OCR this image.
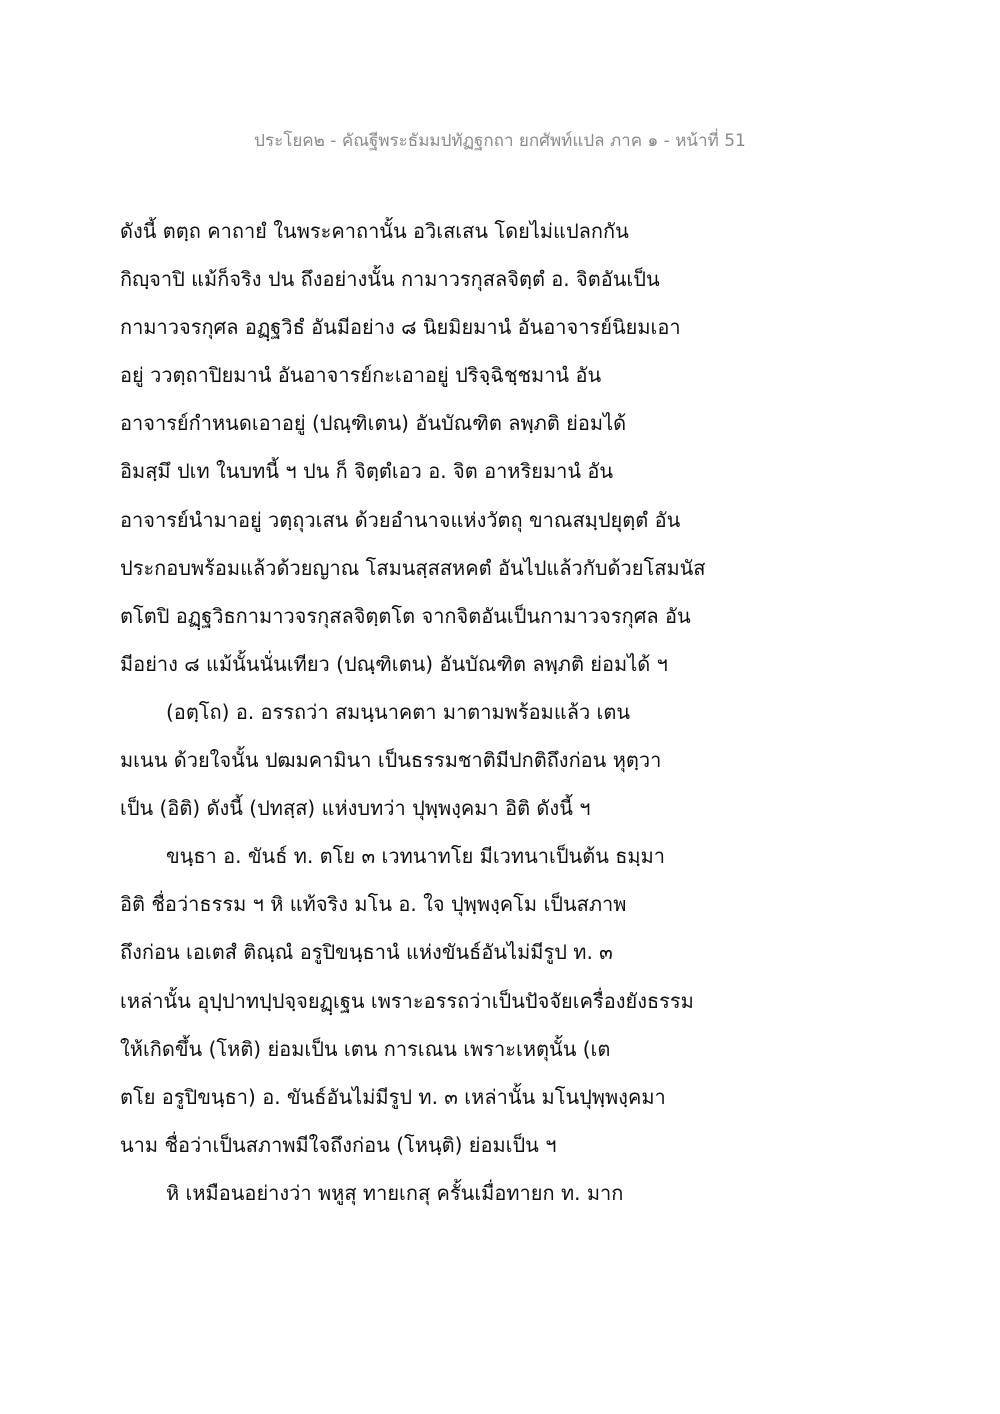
ประโยค๒ - คัณฐีพระธัมมปทัฏฐกถา ยกศัพท์แปล ภาค ๑ - หน้าที่ 51
ดังนี้ ตตฺถ คาถายํ ในพระคาถานั้น อวิเสเสน โดยไม่แปลกกัน
กิญฺจาปิ แม้ก็จริง ปน ถึงอย่างนั้น กามาวรกุสลจิตฺตํ อ. จิตอันเป็น
กามาวจรกุศล อฏฺฐวิธํ อันมีอย่าง ๘ นิยมิยมานํ อันอาจารย์นิยมเอา
อยู่ ววตฺถาปิยมานํ อันอาจารย์กะเอาอยู่ ปริจฺฉิชฺชมานํ อัน
อาจารย์กำหนดเอาอยู่ (ปณฺฑิเตน) อันบัณฑิต ลพฺภติ ย่อมได้
อิมสฺมึ ปเท ในบทนี้ ฯ ปน ก็ จิตฺตํเอว อ. จิต อาหริยมานํ อัน
อาจารย์นำมาอยู่ วตฺถุวเสน ด้วยอำนาจแห่งวัตถุ ขาณสมฺปยุตฺตํ อัน
ประกอบพร้อมแล้วด้วยญาณ โสมนสฺสสหคตํ อันไปแล้วกับด้วยโสมนัส
ตโตปิ อฏฺฐวิธกามาวจรกุสลจิตฺตโต จากจิตอันเป็นกามาวจรกุศล อัน
มีอย่าง ๘ แม้นั้นนั่นเทียว (ปณฺฑิเตน) อันบัณฑิต ลพฺภติ ย่อมได้ ฯ
(อตฺโถ) อ. อรรถว่า สมนฺนาคตา มาตามพร้อมแล้ว เตน
มเนน ด้วยใจนั้น ปฒมคามินา เป็นธรรมชาติมีปกติถึงก่อน หุตฺวา
เป็น (อิติ) ดังนี้ (ปทสฺส) แห่งบทว่า ปุพฺพงฺคมา อิติ ดังนี้ ฯ
ขนฺธา อ. ขันธ์ ท. ตโย ๓ เวทนาทโย มีเวทนาเป็นต้น ธมฺมา
อิติ ชื่อว่าธรรม ฯ หิ แท้จริง มโน อ. ใจ ปุพฺพงฺคโม เป็นสภาพ
ถึงก่อน เอเตสํ ติณฺณํ อรูปิขนฺธานํ แห่งขันธ์อันไม่มีรูป ท. ๓
เหล่านั้น อุปฺปาทปฺปจฺจยฏฺเฐน เพราะอรรถว่าเป็นปัจจัยเครื่องยังธรรม
ให้เกิดขึ้น (โหติ) ย่อมเป็น เตน การเณน เพราะเหตุนั้น (เต
ตโย อรูปิขนฺธา) อ. ขันธ์อันไม่มีรูป ท. ๓ เหล่านั้น มโนปุพฺพงฺคมา
นาม ชื่อว่าเป็นสภาพมีใจถึงก่อน (โหนฺติ) ย่อมเป็น ฯ
หิ เหมือนอย่างว่า พหูสุ ทายเกสุ ครั้นเมื่อทายก ท. มาก
